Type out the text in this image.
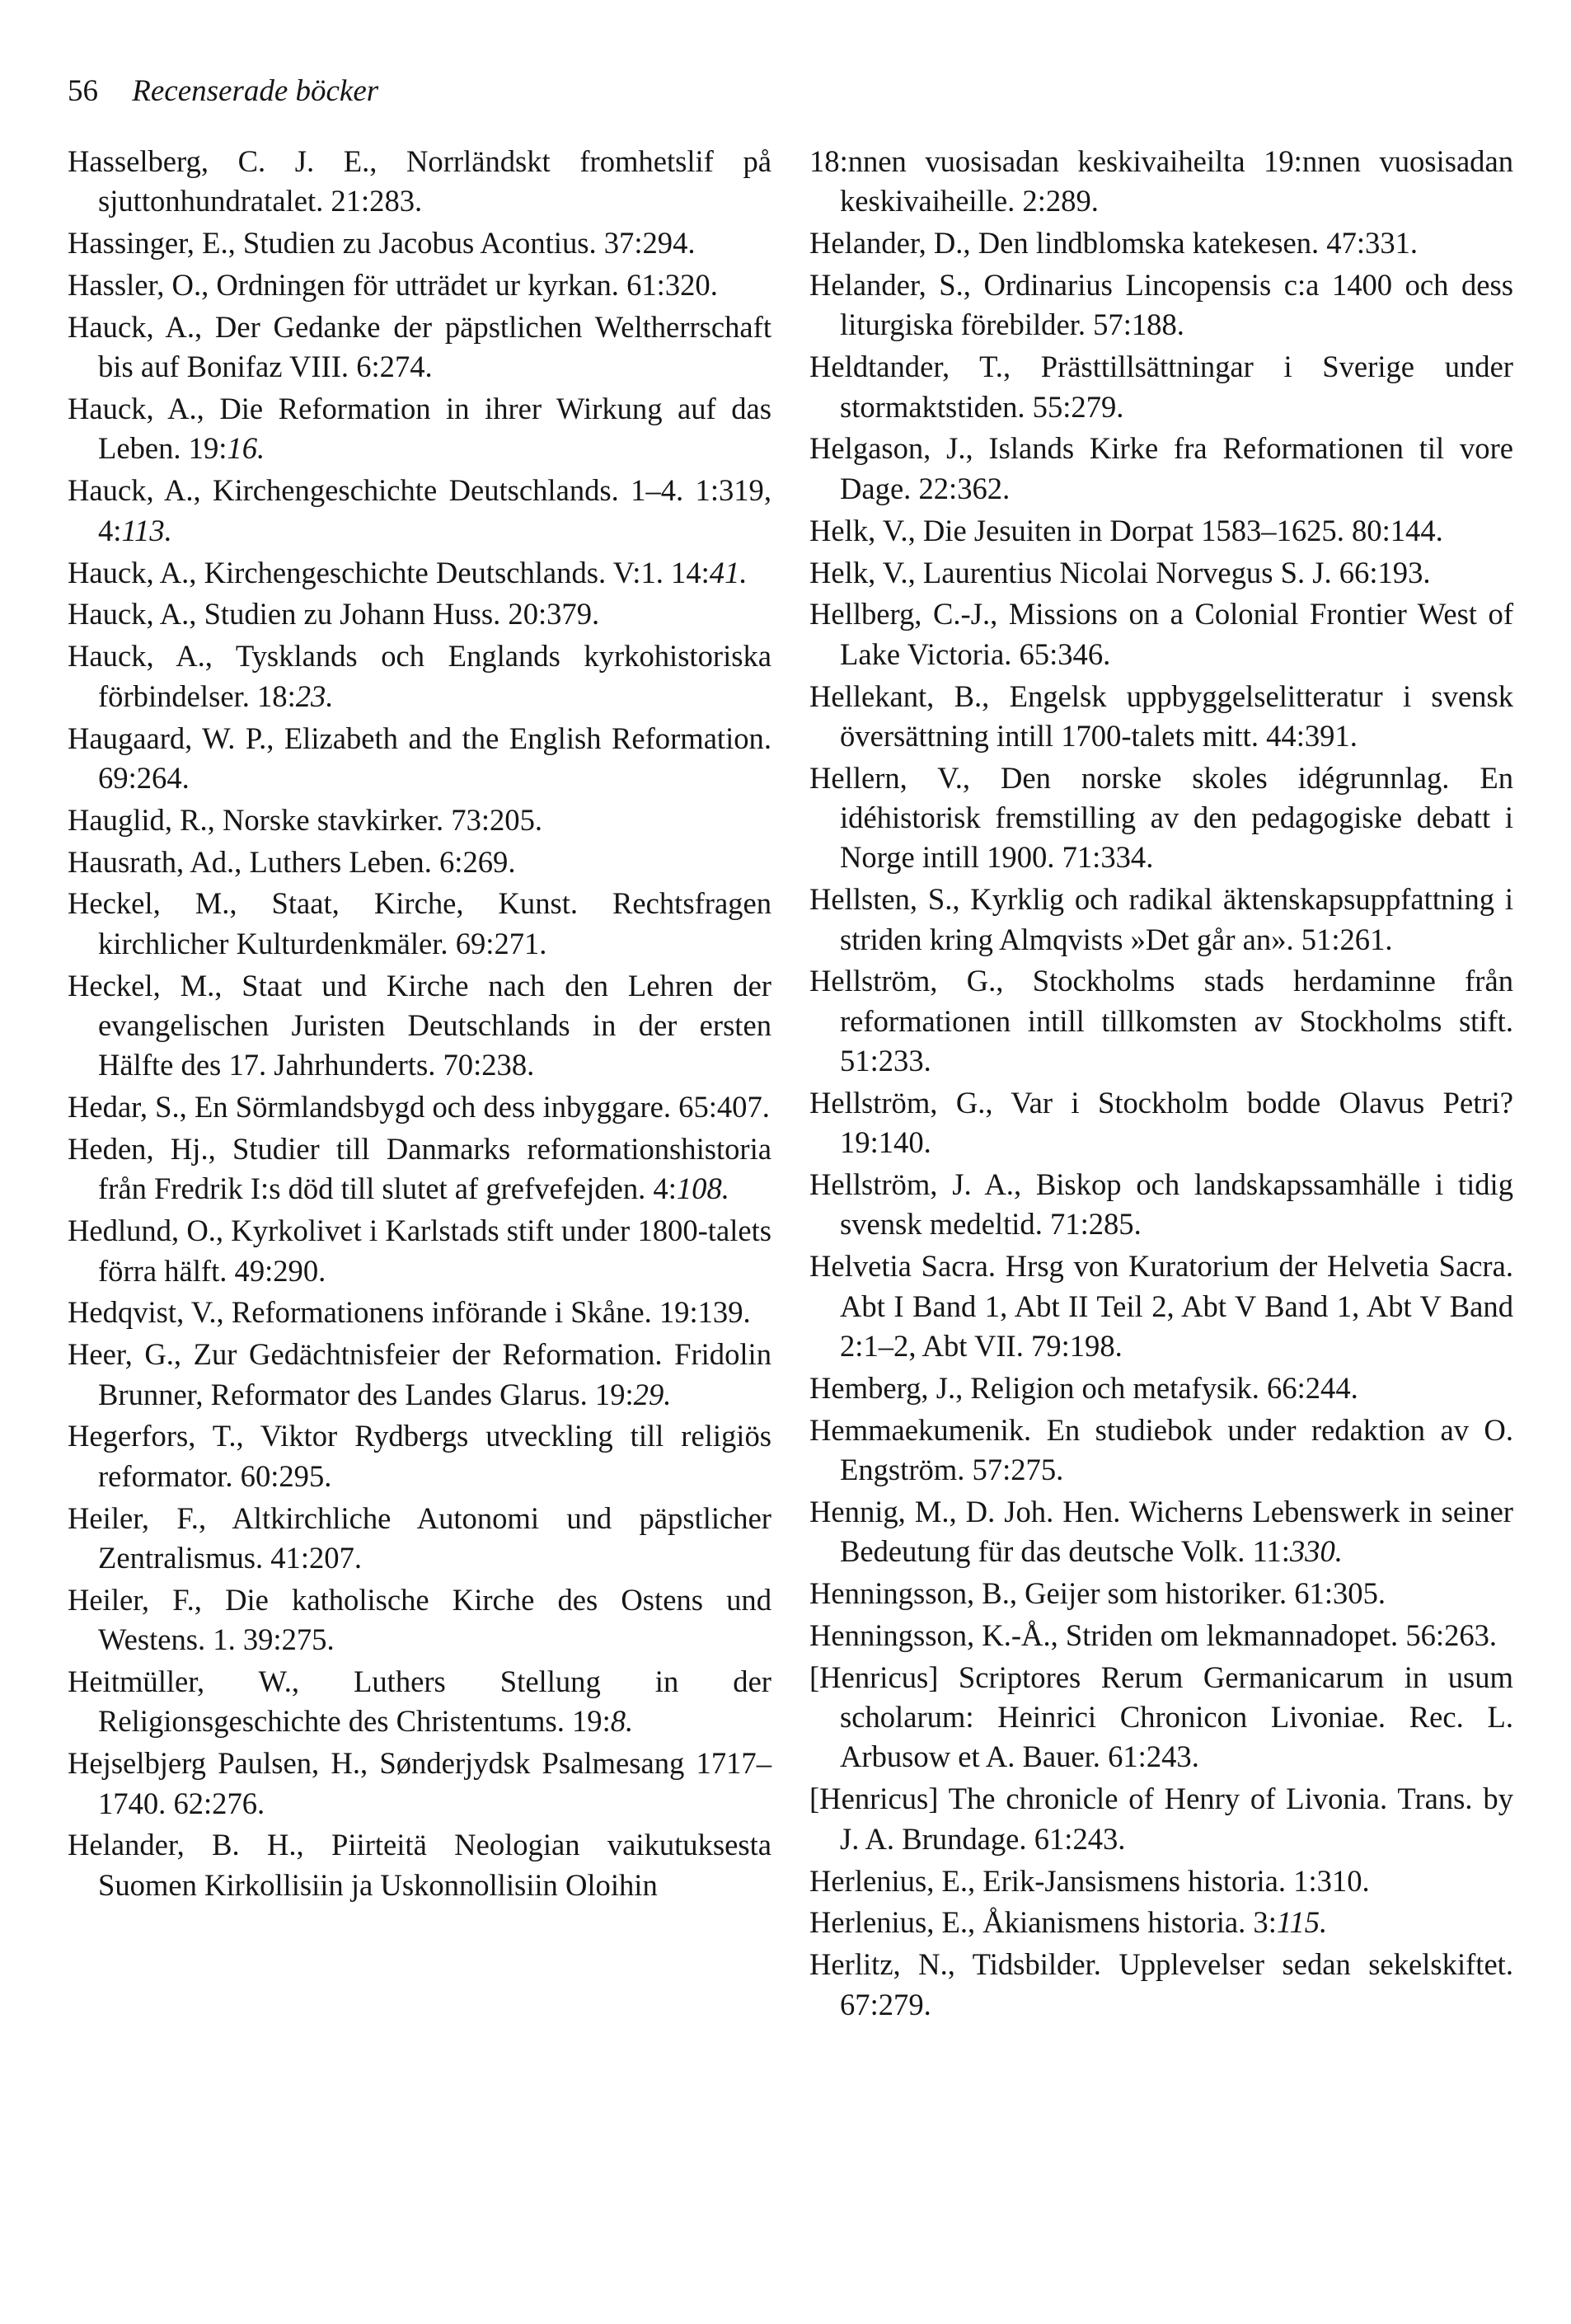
56 Recenserade böcker
Hasselberg, C. J. E., Norrländskt fromhetslif på sjuttonhundratalet. 21:283.
Hassinger, E., Studien zu Jacobus Acontius. 37:294.
Hassler, O., Ordningen för utträdet ur kyrkan. 61:320.
Hauck, A., Der Gedanke der päpstlichen Weltherrschaft bis auf Bonifaz VIII. 6:274.
Hauck, A., Die Reformation in ihrer Wirkung auf das Leben. 19:16.
Hauck, A., Kirchengeschichte Deutschlands. 1–4. 1:319, 4:113.
Hauck, A., Kirchengeschichte Deutschlands. V:1. 14:41.
Hauck, A., Studien zu Johann Huss. 20:379.
Hauck, A., Tysklands och Englands kyrkohistoriska förbindelser. 18:23.
Haugaard, W. P., Elizabeth and the English Reformation. 69:264.
Hauglid, R., Norske stavkirker. 73:205.
Hausrath, Ad., Luthers Leben. 6:269.
Heckel, M., Staat, Kirche, Kunst. Rechtsfragen kirchlicher Kulturdenkmäler. 69:271.
Heckel, M., Staat und Kirche nach den Lehren der evangelischen Juristen Deutschlands in der ersten Hälfte des 17. Jahrhunderts. 70:238.
Hedar, S., En Sörmlandsbygd och dess inbyggare. 65:407.
Heden, Hj., Studier till Danmarks reformationshistoria från Fredrik I:s död till slutet af grefvefejden. 4:108.
Hedlund, O., Kyrkolivet i Karlstads stift under 1800-talets förra hälft. 49:290.
Hedqvist, V., Reformationens införande i Skåne. 19:139.
Heer, G., Zur Gedächtnisfeier der Reformation. Fridolin Brunner, Reformator des Landes Glarus. 19:29.
Hegerfors, T., Viktor Rydbergs utveckling till religiös reformator. 60:295.
Heiler, F., Altkirchliche Autonomi und päpstlicher Zentralismus. 41:207.
Heiler, F., Die katholische Kirche des Ostens und Westens. 1. 39:275.
Heitmüller, W., Luthers Stellung in der Religionsgeschichte des Christentums. 19:8.
Hejselbjerg Paulsen, H., Sønderjydsk Psalmesang 1717–1740. 62:276.
Helander, B. H., Piirteitä Neologian vaikutuksesta Suomen Kirkollisiin ja Uskonnollisiin Oloihin
18:nnen vuosisadan keskivaiheilta 19:nnen vuosisadan keskivaiheille. 2:289.
Helander, D., Den lindblomska katekesen. 47:331.
Helander, S., Ordinarius Lincopensis c:a 1400 och dess liturgiska förebilder. 57:188.
Heldtander, T., Prästtillsättningar i Sverige under stormaktstiden. 55:279.
Helgason, J., Islands Kirke fra Reformationen til vore Dage. 22:362.
Helk, V., Die Jesuiten in Dorpat 1583–1625. 80:144.
Helk, V., Laurentius Nicolai Norvegus S. J. 66:193.
Hellberg, C.-J., Missions on a Colonial Frontier West of Lake Victoria. 65:346.
Hellekant, B., Engelsk uppbyggelselitteratur i svensk översättning intill 1700-talets mitt. 44:391.
Hellern, V., Den norske skoles idégrunnlag. En idéhistorisk fremstilling av den pedagogiske debatt i Norge intill 1900. 71:334.
Hellsten, S., Kyrklig och radikal äktenskapsuppfattning i striden kring Almqvists »Det går an». 51:261.
Hellström, G., Stockholms stads herdaminne från reformationen intill tillkomsten av Stockholms stift. 51:233.
Hellström, G., Var i Stockholm bodde Olavus Petri? 19:140.
Hellström, J. A., Biskop och landskapssamhälle i tidig svensk medeltid. 71:285.
Helvetia Sacra. Hrsg von Kuratorium der Helvetia Sacra. Abt I Band 1, Abt II Teil 2, Abt V Band 1, Abt V Band 2:1–2, Abt VII. 79:198.
Hemberg, J., Religion och metafysik. 66:244.
Hemmaekumenik. En studiebok under redaktion av O. Engström. 57:275.
Hennig, M., D. Joh. Hen. Wicherns Lebenswerk in seiner Bedeutung für das deutsche Volk. 11:330.
Henningsson, B., Geijer som historiker. 61:305.
Henningsson, K.-Å., Striden om lekmannadopet. 56:263.
[Henricus] Scriptores Rerum Germanicarum in usum scholarum: Heinrici Chronicon Livoniae. Rec. L. Arbusow et A. Bauer. 61:243.
[Henricus] The chronicle of Henry of Livonia. Trans. by J. A. Brundage. 61:243.
Herlenius, E., Erik-Jansismens historia. 1:310.
Herlenius, E., Åkianismens historia. 3:115.
Herlitz, N., Tidsbilder. Upplevelser sedan sekelskiftet. 67:279.
